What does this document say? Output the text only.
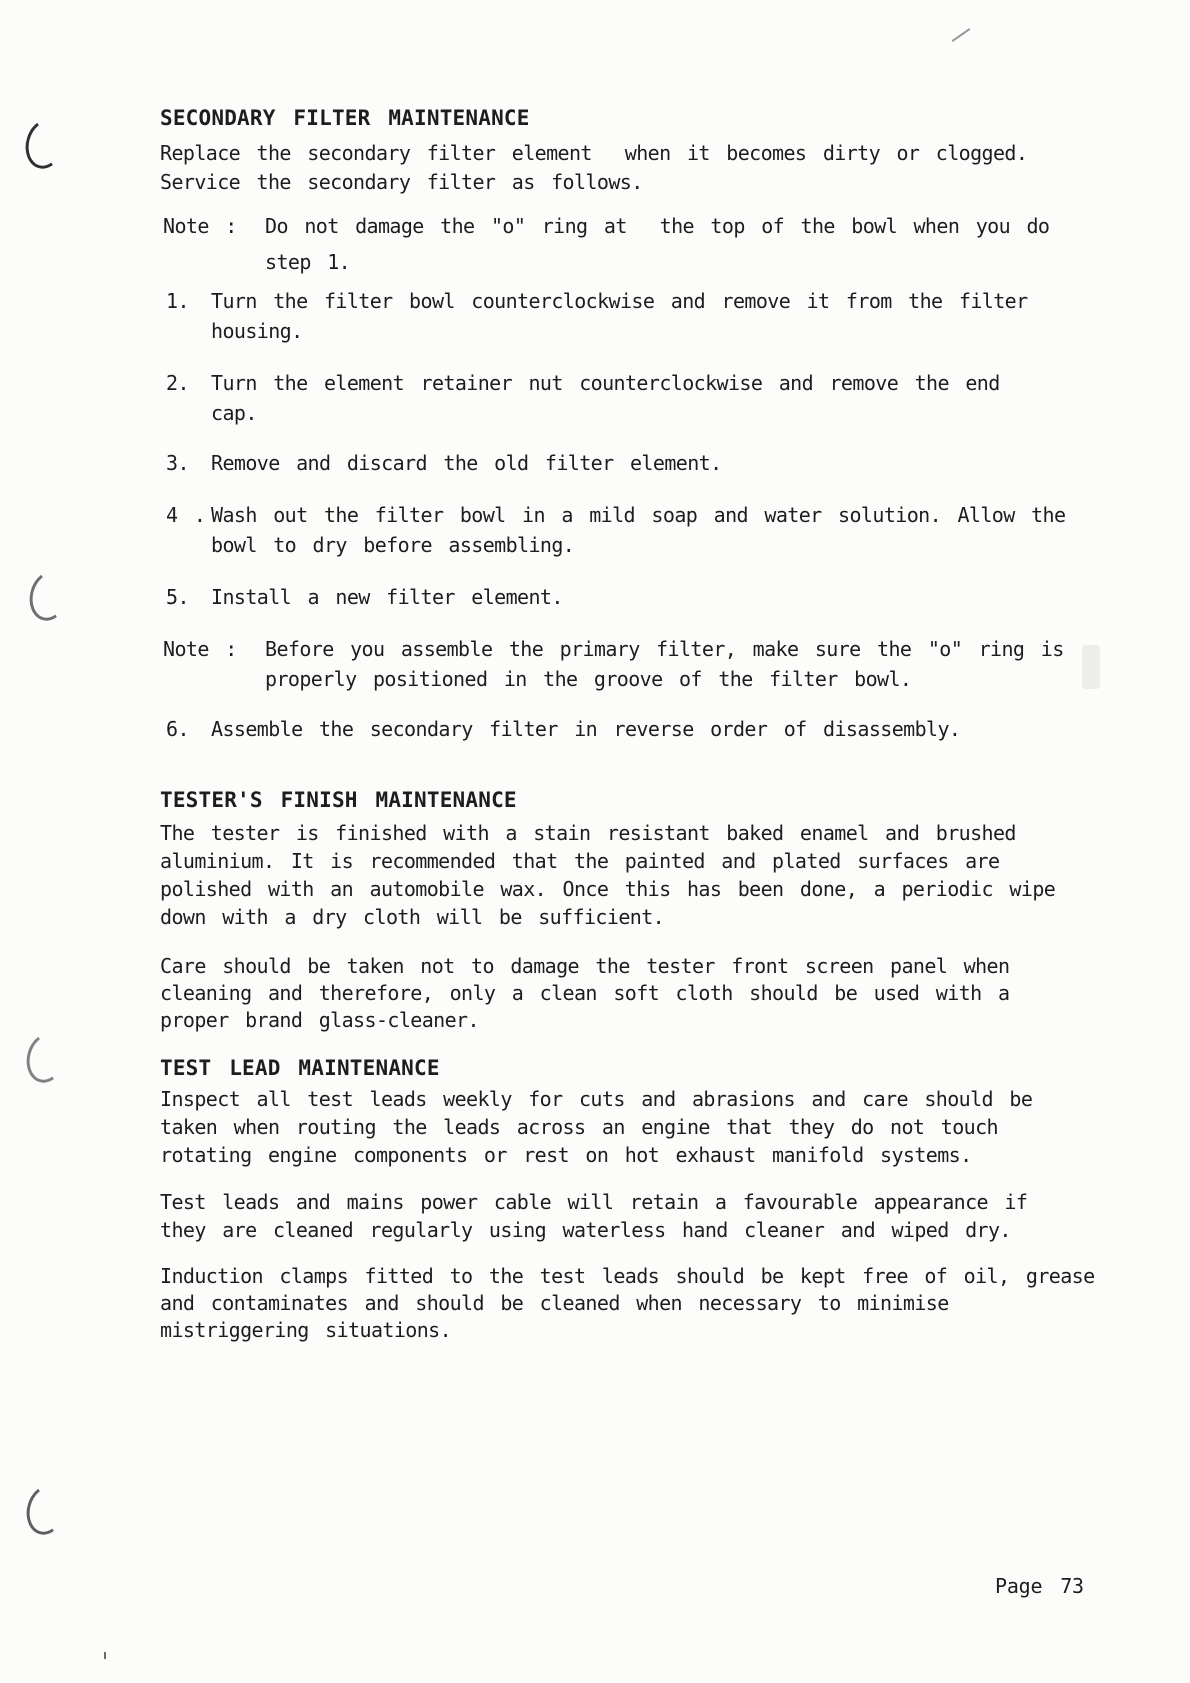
SECONDARY FILTER MAINTENANCE
Replace the secondary filter element  when it becomes dirty or clogged.
Service the secondary filter as follows.
Note : Do not damage the "o" ring at  the top of the bowl when you do
step 1.
1. Turn the filter bowl counterclockwise and remove it from the filter
housing.
2. Turn the element retainer nut counterclockwise and remove the end
cap.
3. Remove and discard the old filter element.
4 . Wash out the filter bowl in a mild soap and water solution. Allow the
bowl to dry before assembling.
5. Install a new filter element.
Note : Before you assemble the primary filter, make sure the "o" ring is
properly positioned in the groove of the filter bowl.
6. Assemble the secondary filter in reverse order of disassembly.
TESTER'S FINISH MAINTENANCE
The tester is finished with a stain resistant baked enamel and brushed
aluminium. It is recommended that the painted and plated surfaces are
polished with an automobile wax. Once this has been done, a periodic wipe
down with a dry cloth will be sufficient.
Care should be taken not to damage the tester front screen panel when
cleaning and therefore, only a clean soft cloth should be used with a
proper brand glass-cleaner.
TEST LEAD MAINTENANCE
Inspect all test leads weekly for cuts and abrasions and care should be
taken when routing the leads across an engine that they do not touch
rotating engine components or rest on hot exhaust manifold systems.
Test leads and mains power cable will retain a favourable appearance if
they are cleaned regularly using waterless hand cleaner and wiped dry.
Induction clamps fitted to the test leads should be kept free of oil, grease
and contaminates and should be cleaned when necessary to minimise
mistriggering situations.
Page 73
